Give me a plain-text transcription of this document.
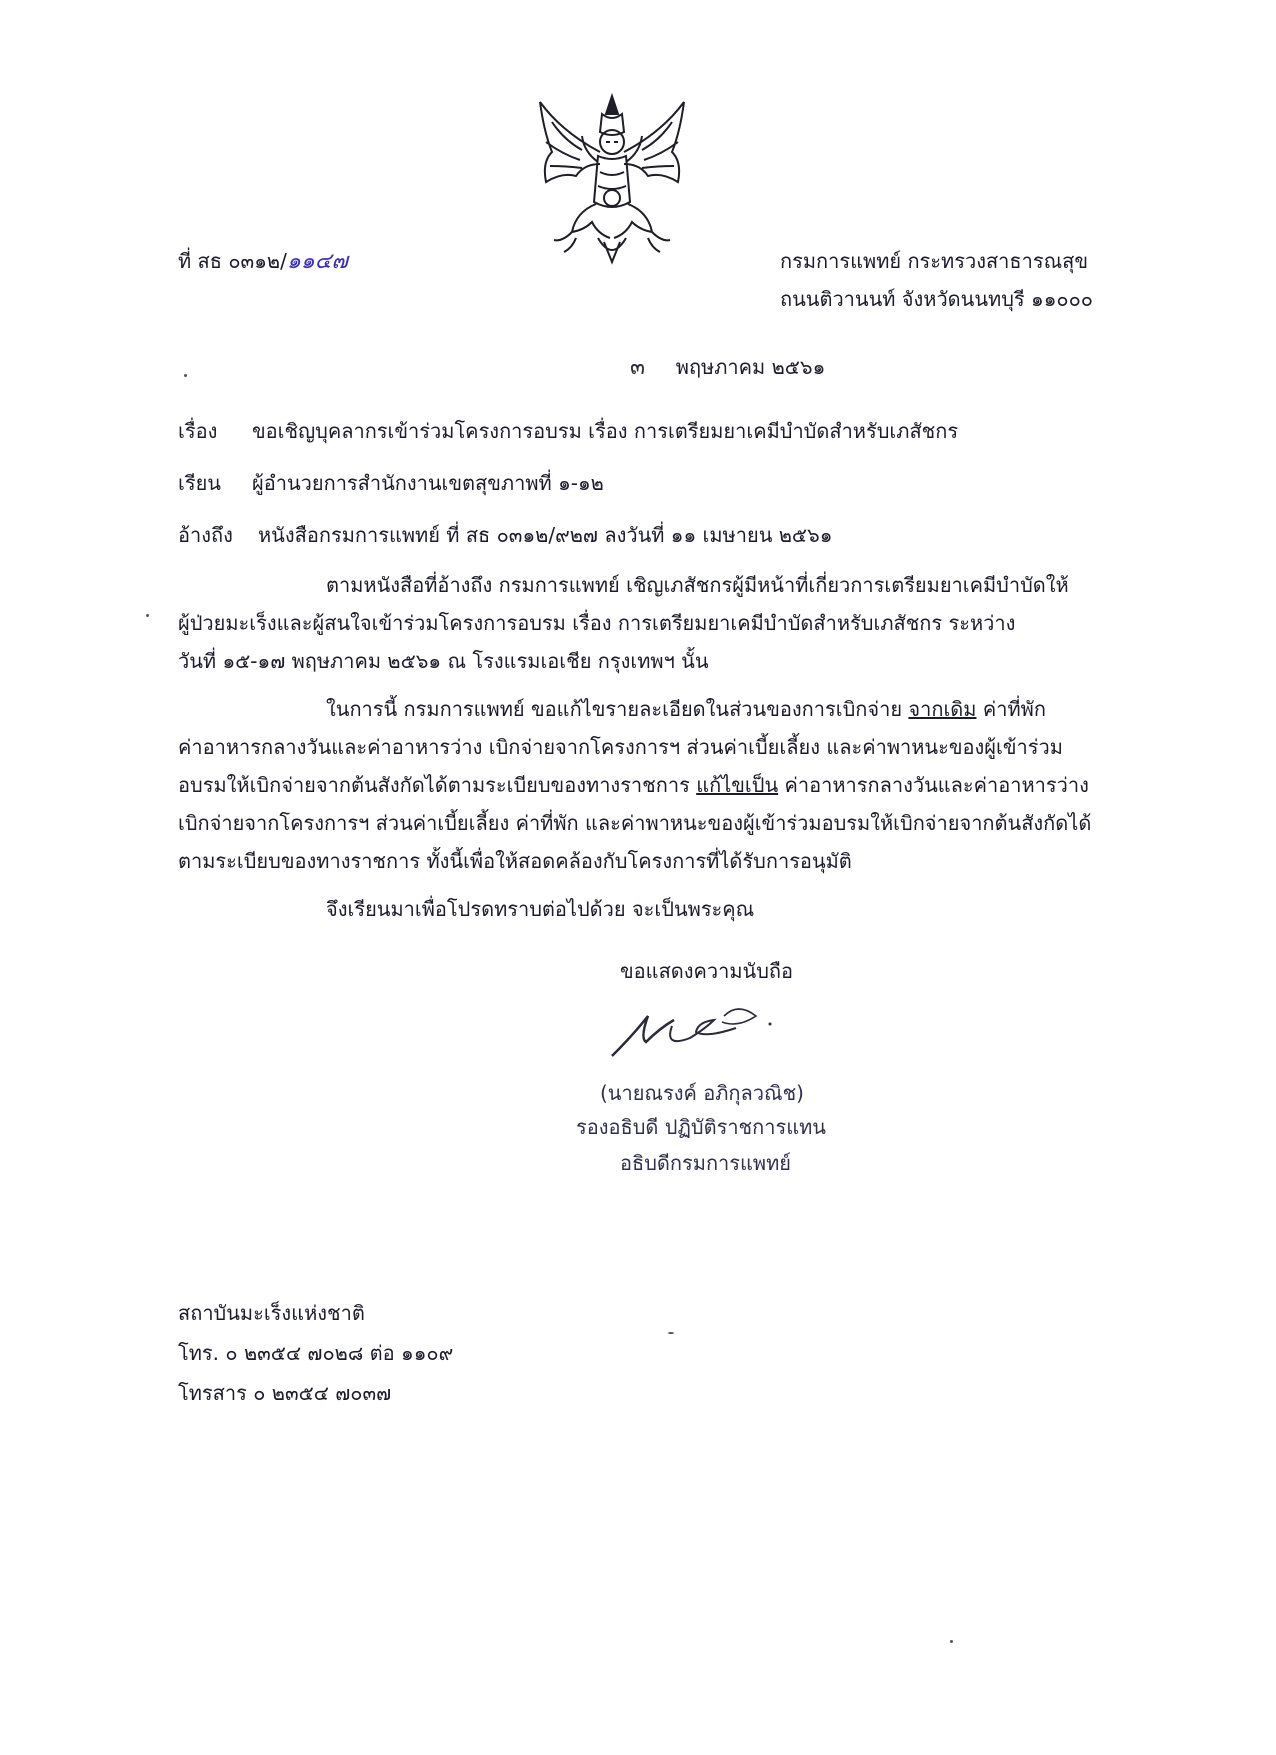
ที่ สธ ๐๓๑๒/๑๑๔๗	กรมการแพทย์ กระทรวงสาธารณสุข
ถนนติวานนท์ จังหวัดนนทบุรี ๑๑๐๐๐
๓ พฤษภาคม ๒๕๖๑
เรื่อง ขอเชิญบุคลากรเข้าร่วมโครงการอบรม เรื่อง การเตรียมยาเคมีบำบัดสำหรับเภสัชกร
เรียน ผู้อำนวยการสำนักงานเขตสุขภาพที่ ๑-๑๒
อ้างถึง หนังสือกรมการแพทย์ ที่ สธ ๐๓๑๒/๙๒๗ ลงวันที่ ๑๑ เมษายน ๒๕๖๑
ตามหนังสือที่อ้างถึง กรมการแพทย์ เชิญเภสัชกรผู้มีหน้าที่เกี่ยวการเตรียมยาเคมีบำบัดให้
ผู้ป่วยมะเร็งและผู้สนใจเข้าร่วมโครงการอบรม เรื่อง การเตรียมยาเคมีบำบัดสำหรับเภสัชกร ระหว่าง
วันที่ ๑๕-๑๗ พฤษภาคม ๒๕๖๑ ณ โรงแรมเอเชีย กรุงเทพฯ นั้น
ในการนี้ กรมการแพทย์ ขอแก้ไขรายละเอียดในส่วนของการเบิกจ่าย จากเดิม ค่าที่พัก
ค่าอาหารกลางวันและค่าอาหารว่าง เบิกจ่ายจากโครงการฯ ส่วนค่าเบี้ยเลี้ยง และค่าพาหนะของผู้เข้าร่วม
อบรมให้เบิกจ่ายจากต้นสังกัดได้ตามระเบียบของทางราชการ แก้ไขเป็น ค่าอาหารกลางวันและค่าอาหารว่าง
เบิกจ่ายจากโครงการฯ ส่วนค่าเบี้ยเลี้ยง ค่าที่พัก และค่าพาหนะของผู้เข้าร่วมอบรมให้เบิกจ่ายจากต้นสังกัดได้
ตามระเบียบของทางราชการ ทั้งนี้เพื่อให้สอดคล้องกับโครงการที่ได้รับการอนุมัติ
จึงเรียนมาเพื่อโปรดทราบต่อไปด้วย จะเป็นพระคุณ
ขอแสดงความนับถือ
(นายณรงค์ อภิกุลวณิช)
รองอธิบดี ปฏิบัติราชการแทน
อธิบดีกรมการแพทย์
สถาบันมะเร็งแห่งชาติ
โทร. ๐ ๒๓๕๔ ๗๐๒๘ ต่อ ๑๑๐๙
โทรสาร ๐ ๒๓๕๔ ๗๐๓๗
